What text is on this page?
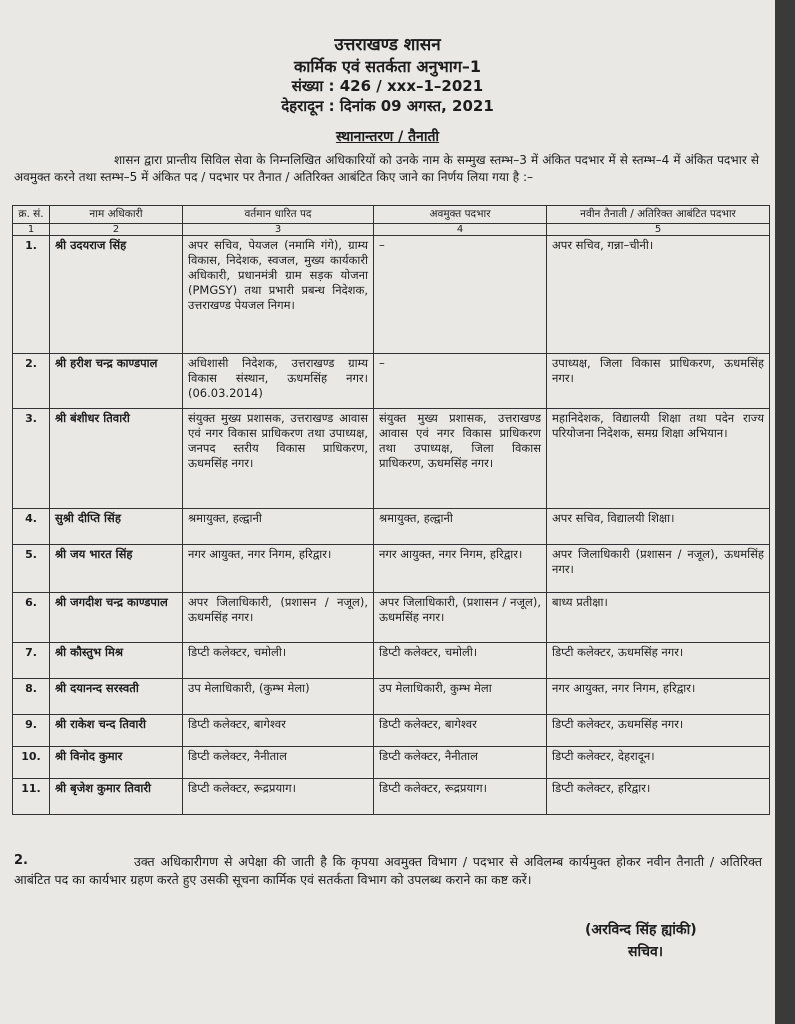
उत्तराखण्ड शासन
कार्मिक एवं सतर्कता अनुभाग–1
संख्या : 426 / xxx–1–2021
देहरादून : दिनांक 09 अगस्त, 2021
स्थानान्तरण / तैनाती
शासन द्वारा प्रान्तीय सिविल सेवा के निम्नलिखित अधिकारियों को उनके नाम के सम्मुख स्तम्भ–3 में अंकित पदभार में से स्तम्भ–4 में अंकित पदभार से अवमुक्त करने तथा स्तम्भ–5 में अंकित पद / पदभार पर तैनात / अतिरिक्त आबंटित किए जाने का निर्णय लिया गया है :–
क्र. सं.	नाम अधिकारी	वर्तमान धारित पद	अवमुक्त पदभार	नवीन तैनाती / अतिरिक्त आबंटित पदभार
1	2	3	4	5
1.	श्री उदयराज सिंह	अपर सचिव, पेयजल (नमामि गंगे), ग्राम्य विकास, निदेशक, स्वजल, मुख्य कार्यकारी अधिकारी, प्रधानमंत्री ग्राम सड़क योजना (PMGSY) तथा प्रभारी प्रबन्ध निदेशक, उत्तराखण्ड पेयजल निगम।	–	अपर सचिव, गन्ना–चीनी।
2.	श्री हरीश चन्द्र काण्डपाल	अधिशासी निदेशक, उत्तराखण्ड ग्राम्य विकास संस्थान, ऊधमसिंह नगर। (06.03.2014)	–	उपाध्यक्ष, जिला विकास प्राधिकरण, ऊधमसिंह नगर।
3.	श्री बंशीधर तिवारी	संयुक्त मुख्य प्रशासक, उत्तराखण्ड आवास एवं नगर विकास प्राधिकरण तथा उपाध्यक्ष, जनपद स्तरीय विकास प्राधिकरण, ऊधमसिंह नगर।	संयुक्त मुख्य प्रशासक, उत्तराखण्ड आवास एवं नगर विकास प्राधिकरण तथा उपाध्यक्ष, जिला विकास प्राधिकरण, ऊधमसिंह नगर।	महानिदेशक, विद्यालयी शिक्षा तथा पदेन राज्य परियोजना निदेशक, समग्र शिक्षा अभियान।
4.	सुश्री दीप्ति सिंह	श्रमायुक्त, हल्द्वानी	श्रमायुक्त, हल्द्वानी	अपर सचिव, विद्यालयी शिक्षा।
5.	श्री जय भारत सिंह	नगर आयुक्त, नगर निगम, हरिद्वार।	नगर आयुक्त, नगर निगम, हरिद्वार।	अपर जिलाधिकारी (प्रशासन / नजूल), ऊधमसिंह नगर।
6.	श्री जगदीश चन्द्र काण्डपाल	अपर जिलाधिकारी, (प्रशासन / नजूल), ऊधमसिंह नगर।	अपर जिलाधिकारी, (प्रशासन / नजूल), ऊधमसिंह नगर।	बाध्य प्रतीक्षा।
7.	श्री कौस्तुभ मिश्र	डिप्टी कलेक्टर, चमोली।	डिप्टी कलेक्टर, चमोली।	डिप्टी कलेक्टर, ऊधमसिंह नगर।
8.	श्री दयानन्द सरस्वती	उप मेलाधिकारी, (कुम्भ मेला)	उप मेलाधिकारी, कुम्भ मेला	नगर आयुक्त, नगर निगम, हरिद्वार।
9.	श्री राकेश चन्द तिवारी	डिप्टी कलेक्टर, बागेश्वर	डिप्टी कलेक्टर, बागेश्वर	डिप्टी कलेक्टर, ऊधमसिंह नगर।
10.	श्री विनोद कुमार	डिप्टी कलेक्टर, नैनीताल	डिप्टी कलेक्टर, नैनीताल	डिप्टी कलेक्टर, देहरादून।
11.	श्री बृजेश कुमार तिवारी	डिप्टी कलेक्टर, रूद्रप्रयाग।	डिप्टी कलेक्टर, रूद्रप्रयाग।	डिप्टी कलेक्टर, हरिद्वार।
2.	उक्त अधिकारीगण से अपेक्षा की जाती है कि कृपया अवमुक्त विभाग / पदभार से अविलम्ब कार्यमुक्त होकर नवीन तैनाती / अतिरिक्त आबंटित पद का कार्यभार ग्रहण करते हुए उसकी सूचना कार्मिक एवं सतर्कता विभाग को उपलब्ध कराने का कष्ट करें।
(अरविन्द सिंह ह्यांकी)
सचिव।
